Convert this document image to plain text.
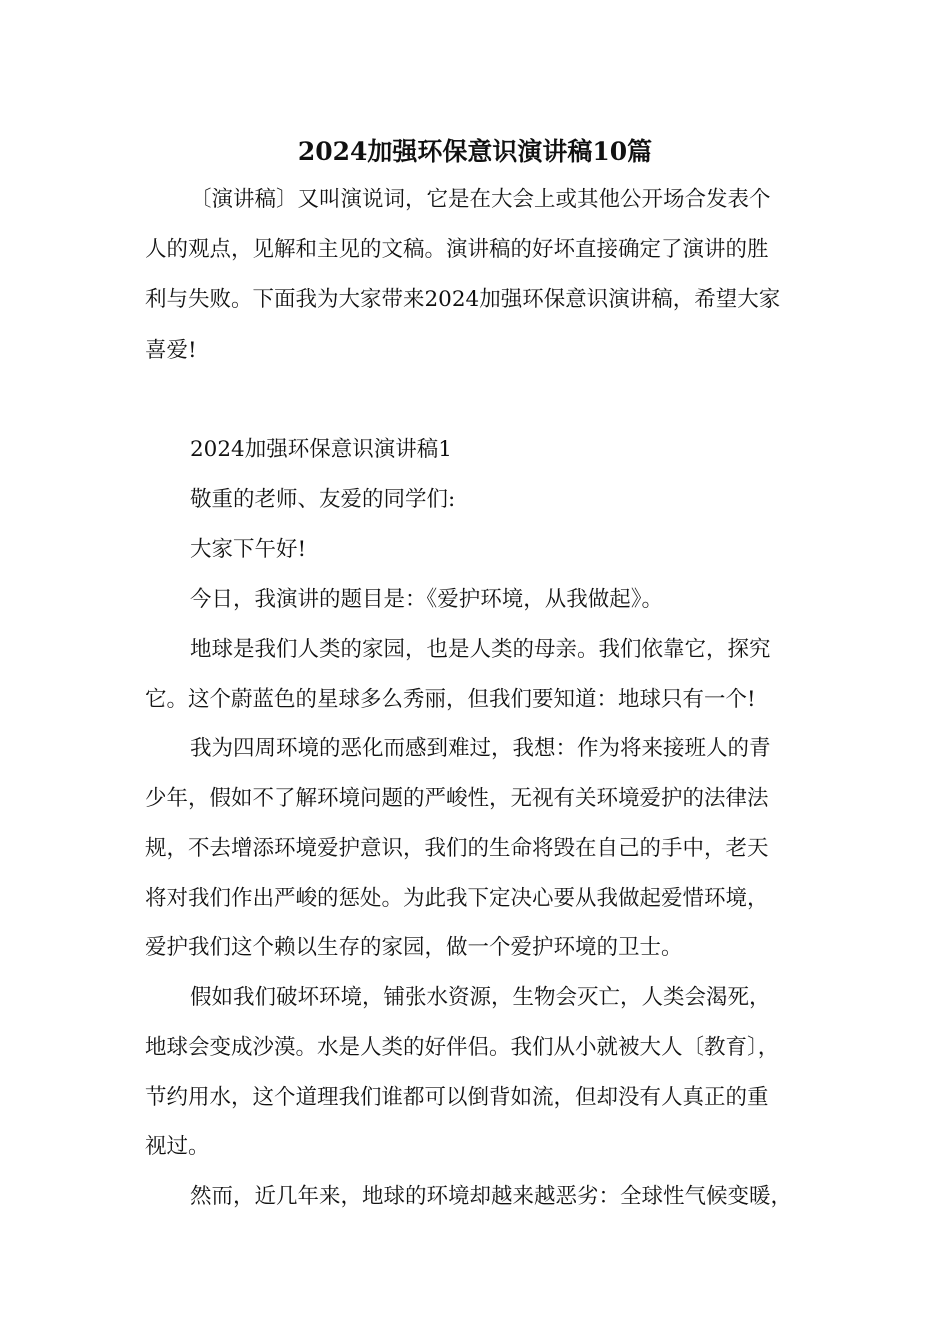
2024加强环保意识演讲稿10篇
〔演讲稿〕又叫演说词，它是在大会上或其他公开场合发表个
人的观点，见解和主见的文稿。演讲稿的好坏直接确定了演讲的胜
利与失败。下面我为大家带来2024加强环保意识演讲稿，希望大家
喜爱!
2024加强环保意识演讲稿1
敬重的老师、友爱的同学们:
大家下午好!
今日，我演讲的题目是：《爱护环境，从我做起》。
地球是我们人类的家园，也是人类的母亲。我们依靠它，探究
它。这个蔚蓝色的星球多么秀丽，但我们要知道：地球只有一个!
我为四周环境的恶化而感到难过，我想：作为将来接班人的青
少年，假如不了解环境问题的严峻性，无视有关环境爱护的法律法
规，不去增添环境爱护意识，我们的生命将毁在自己的手中，老天
将对我们作出严峻的惩处。为此我下定决心要从我做起爱惜环境，
爱护我们这个赖以生存的家园，做一个爱护环境的卫士。
假如我们破坏环境，铺张水资源，生物会灭亡，人类会渴死，
地球会变成沙漠。水是人类的好伴侣。我们从小就被大人〔教育〕，
节约用水，这个道理我们谁都可以倒背如流，但却没有人真正的重
视过。
然而，近几年来，地球的环境却越来越恶劣：全球性气候变暖，
